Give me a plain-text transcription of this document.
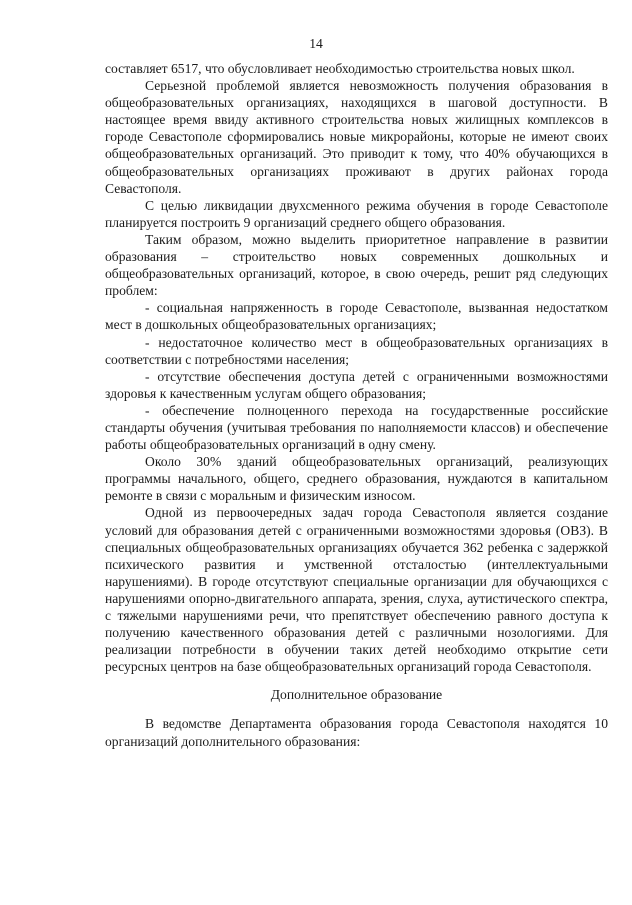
14

составляет 6517, что обусловливает необходимостью строительства новых школ.

Серьезной проблемой является невозможность получения образования в общеобразовательных организациях, находящихся в шаговой доступности. В настоящее время ввиду активного строительства новых жилищных комплексов в городе Севастополе сформировались новые микрорайоны, которые не имеют своих общеобразовательных организаций. Это приводит к тому, что 40% обучающихся в общеобразовательных организациях проживают в других районах города Севастополя.

С целью ликвидации двухсменного режима обучения в городе Севастополе планируется построить 9 организаций среднего общего образования.

Таким образом, можно выделить приоритетное направление в развитии образования – строительство новых современных дошкольных и общеобразовательных организаций, которое, в свою очередь, решит ряд следующих проблем:

- социальная напряженность в городе Севастополе, вызванная недостатком мест в дошкольных общеобразовательных организациях;

- недостаточное количество мест в общеобразовательных организациях в соответствии с потребностями населения;

- отсутствие обеспечения доступа детей с ограниченными возможностями здоровья к качественным услугам общего образования;

- обеспечение полноценного перехода на государственные российские стандарты обучения (учитывая требования по наполняемости классов) и обеспечение работы общеобразовательных организаций в одну смену.

Около 30% зданий общеобразовательных организаций, реализующих программы начального, общего, среднего образования, нуждаются в капитальном ремонте в связи с моральным и физическим износом.

Одной из первоочередных задач города Севастополя является создание условий для образования детей с ограниченными возможностями здоровья (ОВЗ). В специальных общеобразовательных организациях обучается 362 ребенка с задержкой психического развития и умственной отсталостью (интеллектуальными нарушениями). В городе отсутствуют специальные организации для обучающихся с нарушениями опорно-двигательного аппарата, зрения, слуха, аутистического спектра, с тяжелыми нарушениями речи, что препятствует обеспечению равного доступа к получению качественного образования детей с различными нозологиями. Для реализации потребности в обучении таких детей необходимо открытие сети ресурсных центров на базе общеобразовательных организаций города Севастополя.

Дополнительное образование

В ведомстве Департамента образования города Севастополя находятся 10 организаций дополнительного образования:
